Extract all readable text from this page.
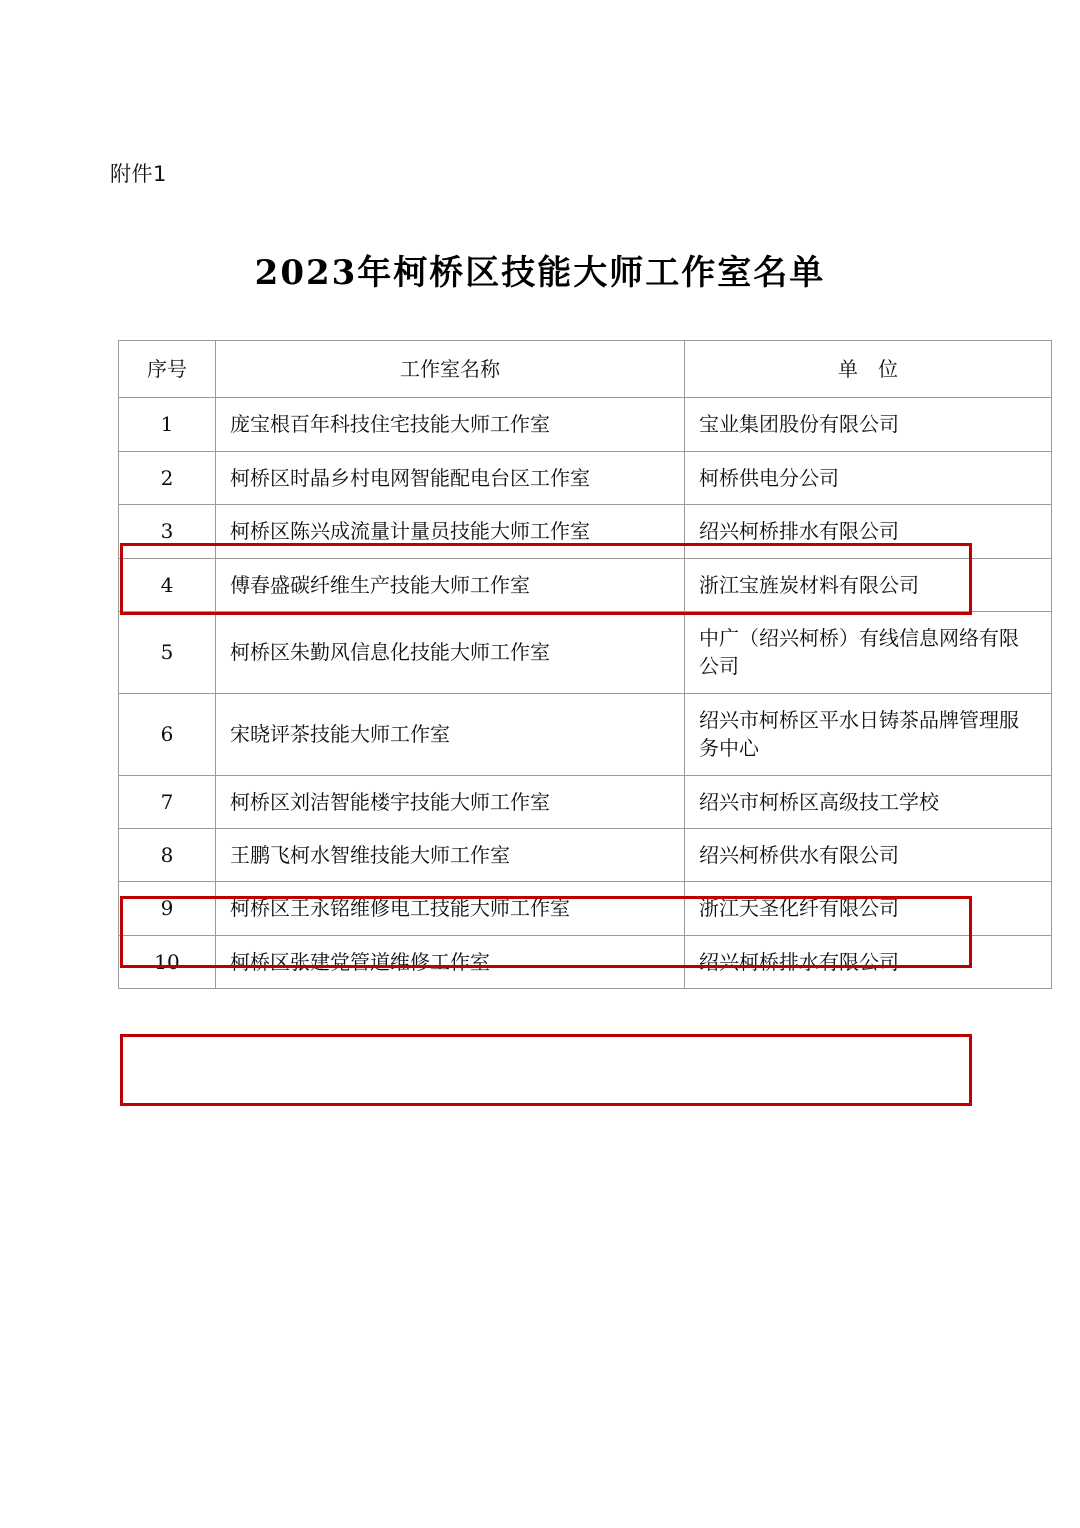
附件1
2023年柯桥区技能大师工作室名单
序号	工作室名称	单　位
1	庞宝根百年科技住宅技能大师工作室	宝业集团股份有限公司
2	柯桥区时晶乡村电网智能配电台区工作室	柯桥供电分公司
3	柯桥区陈兴成流量计量员技能大师工作室	绍兴柯桥排水有限公司
4	傅春盛碳纤维生产技能大师工作室	浙江宝旌炭材料有限公司
5	柯桥区朱勤风信息化技能大师工作室	中广（绍兴柯桥）有线信息网络有限公司
6	宋晓评茶技能大师工作室	绍兴市柯桥区平水日铸茶品牌管理服务中心
7	柯桥区刘洁智能楼宇技能大师工作室	绍兴市柯桥区高级技工学校
8	王鹏飞柯水智维技能大师工作室	绍兴柯桥供水有限公司
9	柯桥区王永铭维修电工技能大师工作室	浙江天圣化纤有限公司
10	柯桥区张建党管道维修工作室	绍兴柯桥排水有限公司
